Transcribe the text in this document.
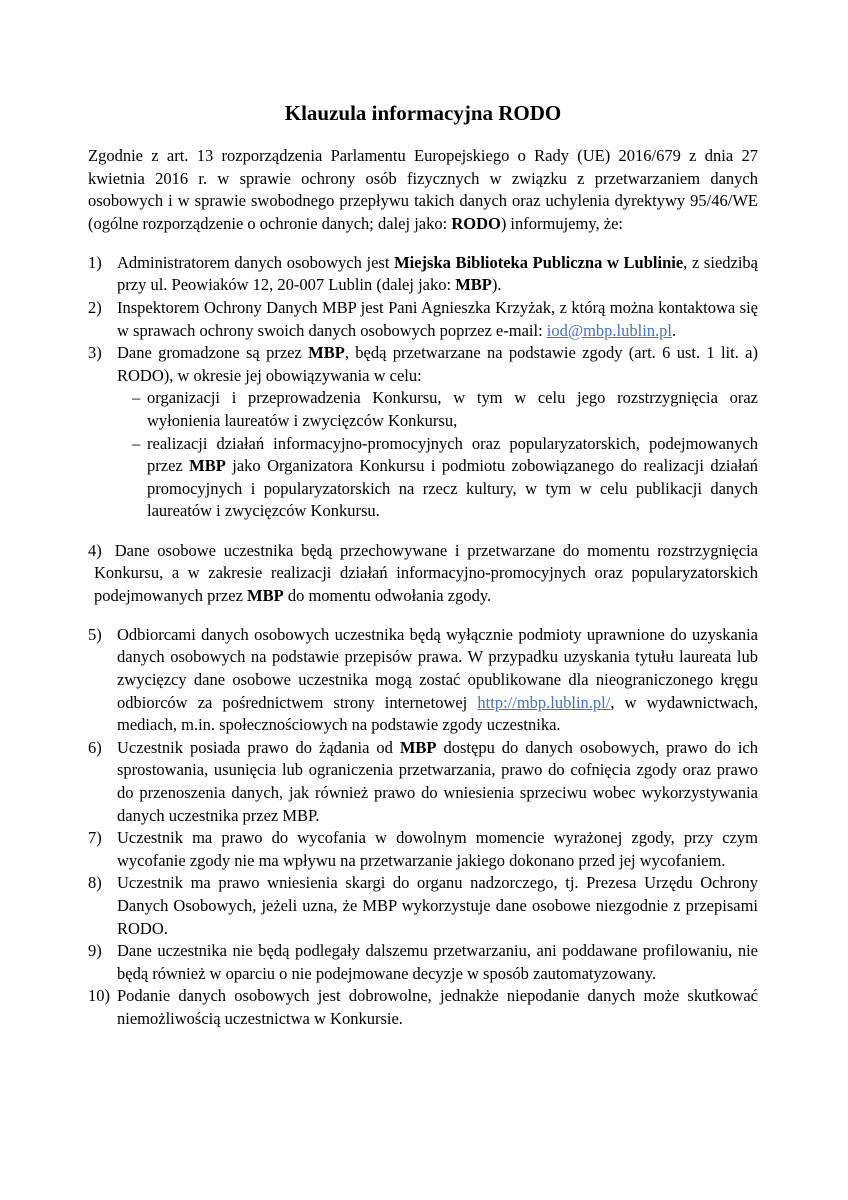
Klauzula informacyjna RODO

Zgodnie z art. 13 rozporządzenia Parlamentu Europejskiego o Rady (UE) 2016/679 z dnia 27 kwietnia 2016 r. w sprawie ochrony osób fizycznych w związku z przetwarzaniem danych osobowych i w sprawie swobodnego przepływu takich danych oraz uchylenia dyrektywy 95/46/WE (ogólne rozporządzenie o ochronie danych; dalej jako: RODO) informujemy, że:

1) Administratorem danych osobowych jest Miejska Biblioteka Publiczna w Lublinie, z siedzibą przy ul. Peowiaków 12, 20-007 Lublin (dalej jako: MBP).
2) Inspektorem Ochrony Danych MBP jest Pani Agnieszka Krzyżak, z którą można kontaktowa się w sprawach ochrony swoich danych osobowych poprzez e-mail: iod@mbp.lublin.pl.
3) Dane gromadzone są przez MBP, będą przetwarzane na podstawie zgody (art. 6 ust. 1 lit. a) RODO), w okresie jej obowiązywania w celu:
– organizacji i przeprowadzenia Konkursu, w tym w celu jego rozstrzygnięcia oraz wyłonienia laureatów i zwycięzców Konkursu,
– realizacji działań informacyjno-promocyjnych oraz popularyzatorskich, podejmowanych przez MBP jako Organizatora Konkursu i podmiotu zobowiązanego do realizacji działań promocyjnych i popularyzatorskich na rzecz kultury, w tym w celu publikacji danych laureatów i zwycięzców Konkursu.

4) Dane osobowe uczestnika będą przechowywane i przetwarzane do momentu rozstrzygnięcia Konkursu, a w zakresie realizacji działań informacyjno-promocyjnych oraz popularyzatorskich podejmowanych przez MBP do momentu odwołania zgody.

5) Odbiorcami danych osobowych uczestnika będą wyłącznie podmioty uprawnione do uzyskania danych osobowych na podstawie przepisów prawa. W przypadku uzyskania tytułu laureata lub zwycięzcy dane osobowe uczestnika mogą zostać opublikowane dla nieograniczonego kręgu odbiorców za pośrednictwem strony internetowej http://mbp.lublin.pl/, w wydawnictwach, mediach, m.in. społecznościowych na podstawie zgody uczestnika.
6) Uczestnik posiada prawo do żądania od MBP dostępu do danych osobowych, prawo do ich sprostowania, usunięcia lub ograniczenia przetwarzania, prawo do cofnięcia zgody oraz prawo do przenoszenia danych, jak również prawo do wniesienia sprzeciwu wobec wykorzystywania danych uczestnika przez MBP.
7) Uczestnik ma prawo do wycofania w dowolnym momencie wyrażonej zgody, przy czym wycofanie zgody nie ma wpływu na przetwarzanie jakiego dokonano przed jej wycofaniem.
8) Uczestnik ma prawo wniesienia skargi do organu nadzorczego, tj. Prezesa Urzędu Ochrony Danych Osobowych, jeżeli uzna, że MBP wykorzystuje dane osobowe niezgodnie z przepisami RODO.
9) Dane uczestnika nie będą podlegały dalszemu przetwarzaniu, ani poddawane profilowaniu, nie będą również w oparciu o nie podejmowane decyzje w sposób zautomatyzowany.
10) Podanie danych osobowych jest dobrowolne, jednakże niepodanie danych może skutkować niemożliwością uczestnictwa w Konkursie.
